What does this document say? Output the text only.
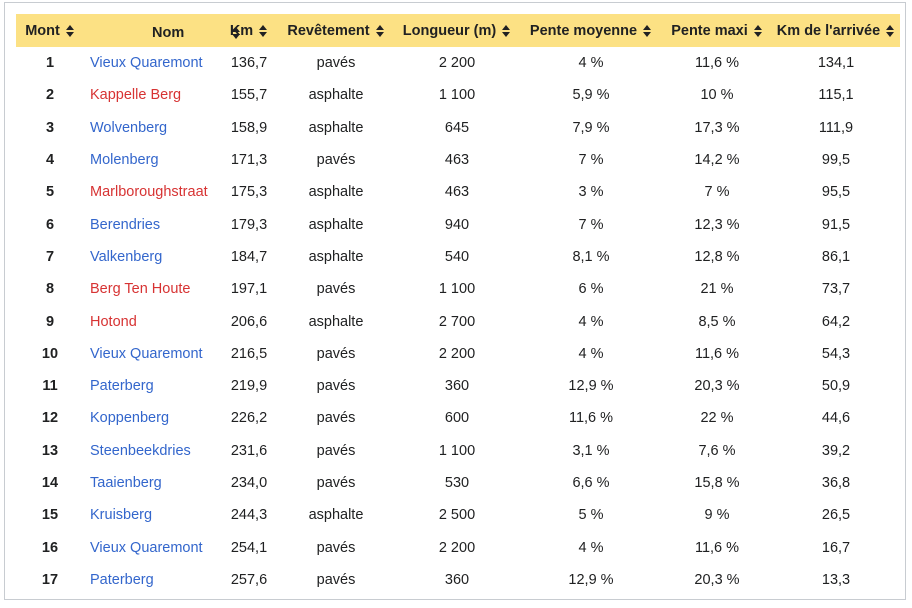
Mont	Nom	Km	Revêtement	Longueur (m)	Pente moyenne	Pente maxi	Km de l'arrivée

1	Vieux Quaremont	136,7	pavés	2 200	4 %	11,6 %	134,1
2	Kappelle Berg	155,7	asphalte	1 100	5,9 %	10 %	115,1
3	Wolvenberg	158,9	asphalte	645	7,9 %	17,3 %	111,9
4	Molenberg	171,3	pavés	463	7 %	14,2 %	99,5
5	Marlboroughstraat	175,3	asphalte	463	3 %	7 %	95,5
6	Berendries	179,3	asphalte	940	7 %	12,3 %	91,5
7	Valkenberg	184,7	asphalte	540	8,1 %	12,8 %	86,1
8	Berg Ten Houte	197,1	pavés	1 100	6 %	21 %	73,7
9	Hotond	206,6	asphalte	2 700	4 %	8,5 %	64,2
10	Vieux Quaremont	216,5	pavés	2 200	4 %	11,6 %	54,3
11	Paterberg	219,9	pavés	360	12,9 %	20,3 %	50,9
12	Koppenberg	226,2	pavés	600	11,6 %	22 %	44,6
13	Steenbeekdries	231,6	pavés	1 100	3,1 %	7,6 %	39,2
14	Taaienberg	234,0	pavés	530	6,6 %	15,8 %	36,8
15	Kruisberg	244,3	asphalte	2 500	5 %	9 %	26,5
16	Vieux Quaremont	254,1	pavés	2 200	4 %	11,6 %	16,7
17	Paterberg	257,6	pavés	360	12,9 %	20,3 %	13,3
